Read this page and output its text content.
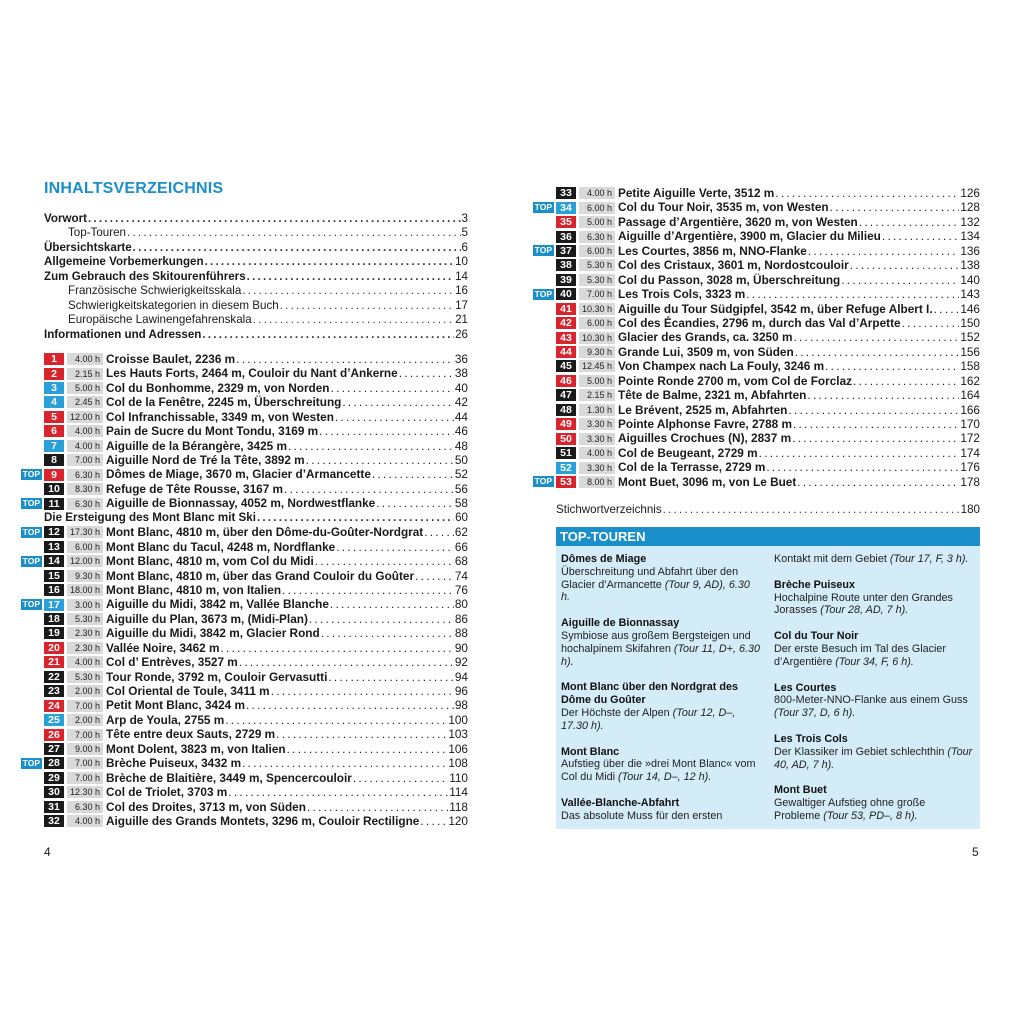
INHALTSVERZEICHNIS
Vorwort . . .	3
Top-Touren . . .	5
Übersichtskarte . . .	6
Allgemeine Vorbemerkungen . . .	10
Zum Gebrauch des Skitourenführers . . .	14
Französische Schwierigkeitsskala . . .	16
Schwierigkeitskategorien in diesem Buch . . .	17
Europäische Lawinengefahrenskala . . .	21
Informationen und Adressen . . .	26
1	4.00 h Croisse Baulet, 2236 m . . .	36
2	2.15 h Les Hauts Forts, 2464 m, Couloir du Nant d’Ankerne . . .	38
3	5.00 h Col du Bonhomme, 2329 m, von Norden . . .	40
4	2.45 h Col de la Fenêtre, 2245 m, Überschreitung . . .	42
5	12.00 h Col Infranchissable, 3349 m, von Westen . . .	44
6	4.00 h Pain de Sucre du Mont Tondu, 3169 m . . .	46
7	4.00 h Aiguille de la Bérangère, 3425 m . . .	48
8	7.00 h Aiguille Nord de Tré la Tête, 3892 m . . .	50
TOP	9	6.30 h Dômes de Miage, 3670 m, Glacier d’Armancette . . .	52
10	8.30 h Refuge de Tête Rousse, 3167 m . . .	56
TOP 11	6.30 h Aiguille de Bionnassay, 4052 m, Nordwestflanke . . .	58
Die Ersteigung des Mont Blanc mit Ski . . .	60
TOP 12	17.30 h Mont Blanc, 4810 m, über den Dôme-du-Goûter-Nordgrat . . .	62
13	6.00 h Mont Blanc du Tacul, 4248 m, Nordflanke . . .	66
TOP 14	12.00 h Mont Blanc, 4810 m, vom Col du Midi . . .	68
15	9.30 h Mont Blanc, 4810 m, über das Grand Couloir du Goûter . . .	74
16	18.00 h Mont Blanc, 4810 m, von Italien . . .	76
TOP 17	3.00 h Aiguille du Midi, 3842 m, Vallée Blanche . . .	80
18	5.30 h Aiguille du Plan, 3673 m, (Midi-Plan) . . .	86
19	2.30 h Aiguille du Midi, 3842 m, Glacier Rond . . .	88
20	2.30 h Vallée Noire, 3462 m . . .	90
21	4.00 h Col d’ Entrèves, 3527 m . . .	92
22	5.30 h Tour Ronde, 3792 m, Couloir Gervasutti . . .	94
23	2.00 h Col Oriental de Toule, 3411 m . . .	96
24	7.00 h Petit Mont Blanc, 3424 m . . .	98
25	2.00 h Arp de Youla, 2755 m . . .	100
26	7.00 h Tête entre deux Sauts, 2729 m . . .	103
27	9.00 h Mont Dolent, 3823 m, von Italien . . .	106
TOP 28	7.00 h Brèche Puiseux, 3432 m . . .	108
29	7.00 h Brèche de Blaitière, 3449 m, Spencercouloir . . .	110
30	12.30 h Col de Triolet, 3703 m . . .	114
31	6.30 h Col des Droites, 3713 m, von Süden . . .	118
32	4.00 h Aiguille des Grands Montets, 3296 m, Couloir Rectiligne . . . 120
33	4.00 h Petite Aiguille Verte, 3512 m . . .	126
TOP 34	6.00 h Col du Tour Noir, 3535 m, von Westen . . .	128
35	5.00 h Passage d’Argentière, 3620 m, von Westen . . .	132
36	6.30 h Aiguille d’Argentière, 3900 m, Glacier du Milieu . . .	134
TOP 37	6.00 h Les Courtes, 3856 m, NNO-Flanke . . .	136
38	5.30 h Col des Cristaux, 3601 m, Nordostcouloir . . .	138
39	5.30 h Col du Passon, 3028 m, Überschreitung . . .	140
TOP 40	7.00 h Les Trois Cols, 3323 m . . .	143
41	10.30 h Aiguille du Tour Südgipfel, 3542 m, über Refuge Albert I. . . . 146
42	6.00 h Col des Écandies, 2796 m, durch das Val d’Arpette . . .	150
43	10.30 h Glacier des Grands, ca. 3250 m . . .	152
44	9.30 h Grande Lui, 3509 m, von Süden . . .	156
45	12.45 h Von Champex nach La Fouly, 3246 m . . .	158
46	5.00 h Pointe Ronde 2700 m, vom Col de Forclaz . . .	162
47	2.15 h Tête de Balme, 2321 m, Abfahrten . . .	164
48	1.30 h Le Brévent, 2525 m, Abfahrten . . .	166
49	3.30 h Pointe Alphonse Favre, 2788 m . . .	170
50	3.30 h Aiguilles Crochues (N), 2837 m . . .	172
51	4.00 h Col de Beugeant, 2729 m . . .	174
52	3.30 h Col de la Terrasse, 2729 m . . .	176
TOP 53	8.00 h Mont Buet, 3096 m, von Le Buet . . .	178
Stichwortverzeichnis . . .	180
TOP-TOUREN
Dômes de Miage
Überschreitung und Abfahrt über den Glacier d’Armancette (Tour 9, AD), 6.30 h.
Aiguille de Bionnassay
Symbiose aus großem Bergsteigen und hochalpinem Skifahren (Tour 11, D+, 6.30 h).
Mont Blanc über den Nordgrat des Dôme du Goûter
Der Höchste der Alpen (Tour 12, D–, 17.30 h).
Mont Blanc
Aufstieg über die »drei Mont Blanc« vom Col du Midi (Tour 14, D–, 12 h).
Vallée-Blanche-Abfahrt
Das absolute Muss für den ersten
Kontakt mit dem Gebiet (Tour 17, F, 3 h).
Brèche Puiseux
Hochalpine Route unter den Grandes Jorasses (Tour 28, AD, 7 h).
Col du Tour Noir
Der erste Besuch im Tal des Glacier d’Argentière (Tour 34, F, 6 h).
Les Courtes
800-Meter-NNO-Flanke aus einem Guss (Tour 37, D, 6 h).
Les Trois Cols
Der Klassiker im Gebiet schlechthin (Tour 40, AD, 7 h).
Mont Buet
Gewaltiger Aufstieg ohne große Probleme (Tour 53, PD–, 8 h).
4	5
